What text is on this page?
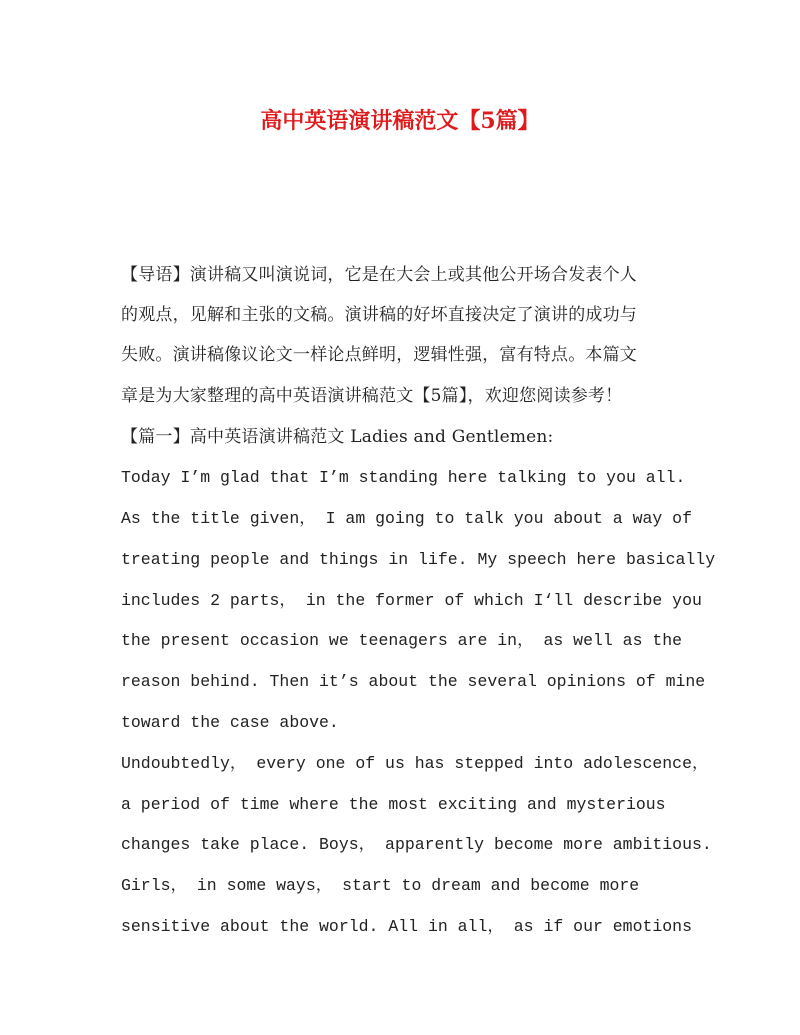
高中英语演讲稿范文【5篇】
【导语】演讲稿又叫演说词，它是在大会上或其他公开场合发表个人
的观点，见解和主张的文稿。演讲稿的好坏直接决定了演讲的成功与
失败。演讲稿像议论文一样论点鲜明，逻辑性强，富有特点。本篇文
章是为大家整理的高中英语演讲稿范文【5篇】，欢迎您阅读参考！
【篇一】高中英语演讲稿范文 Ladies and Gentlemen:
Today I’m glad that I’m standing here talking to you all.
As the title given， I am going to talk you about a way of
treating people and things in life. My speech here basically
includes 2 parts， in the former of which I‘ll describe you
the present occasion we teenagers are in， as well as the
reason behind. Then it’s about the several opinions of mine
toward the case above.
Undoubtedly， every one of us has stepped into adolescence，
a period of time where the most exciting and mysterious
changes take place. Boys， apparently become more ambitious.
Girls， in some ways， start to dream and become more
sensitive about the world. All in all， as if our emotions
